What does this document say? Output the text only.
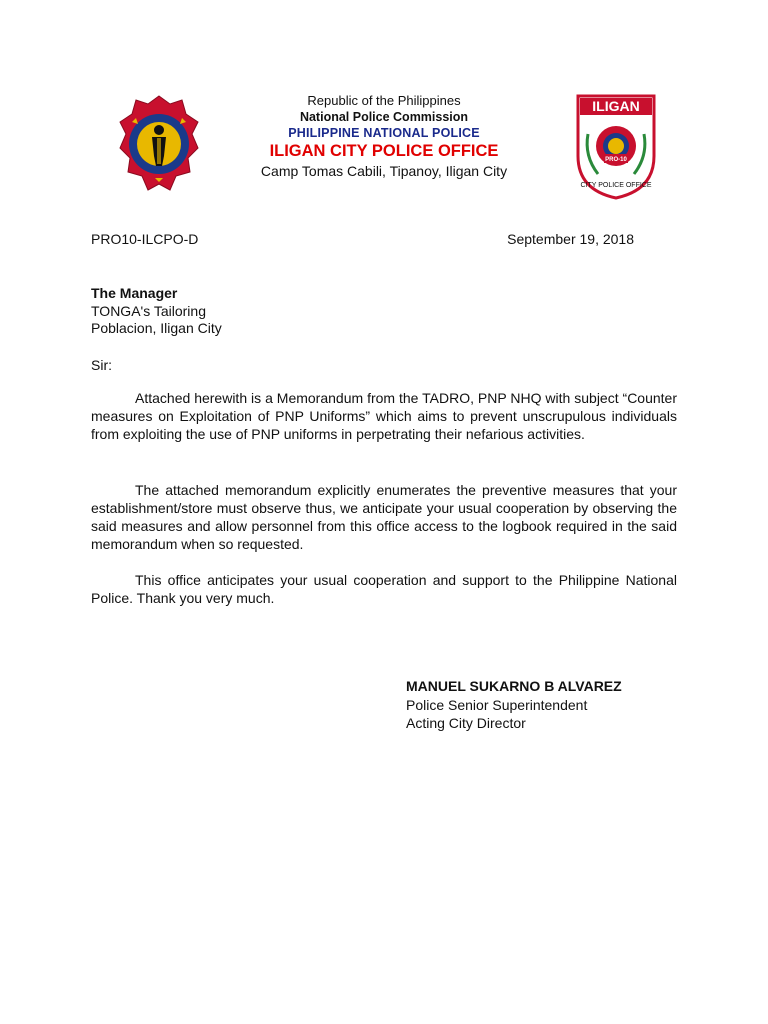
Republic of the Philippines
National Police Commission
PHILIPPINE NATIONAL POLICE
ILIGAN CITY POLICE OFFICE
Camp Tomas Cabili, Tipanoy, Iligan City
ILIGAN
PRO-10
CITY POLICE OFFICE
PRO10-ILCPO-D	September 19, 2018
The Manager
TONGA's Tailoring
Poblacion, Iligan City
Sir:

Attached herewith is a Memorandum from the TADRO, PNP NHQ with subject “Counter measures on Exploitation of PNP Uniforms” which aims to prevent unscrupulous individuals from exploiting the use of PNP uniforms in perpetrating their nefarious activities.

The attached memorandum explicitly enumerates the preventive measures that your establishment/store must observe thus, we anticipate your usual cooperation by observing the said measures and allow personnel from this office access to the logbook required in the said memorandum when so requested.

This office anticipates your usual cooperation and support to the Philippine National Police. Thank you very much.

MANUEL SUKARNO B ALVAREZ
Police Senior Superintendent
Acting City Director
